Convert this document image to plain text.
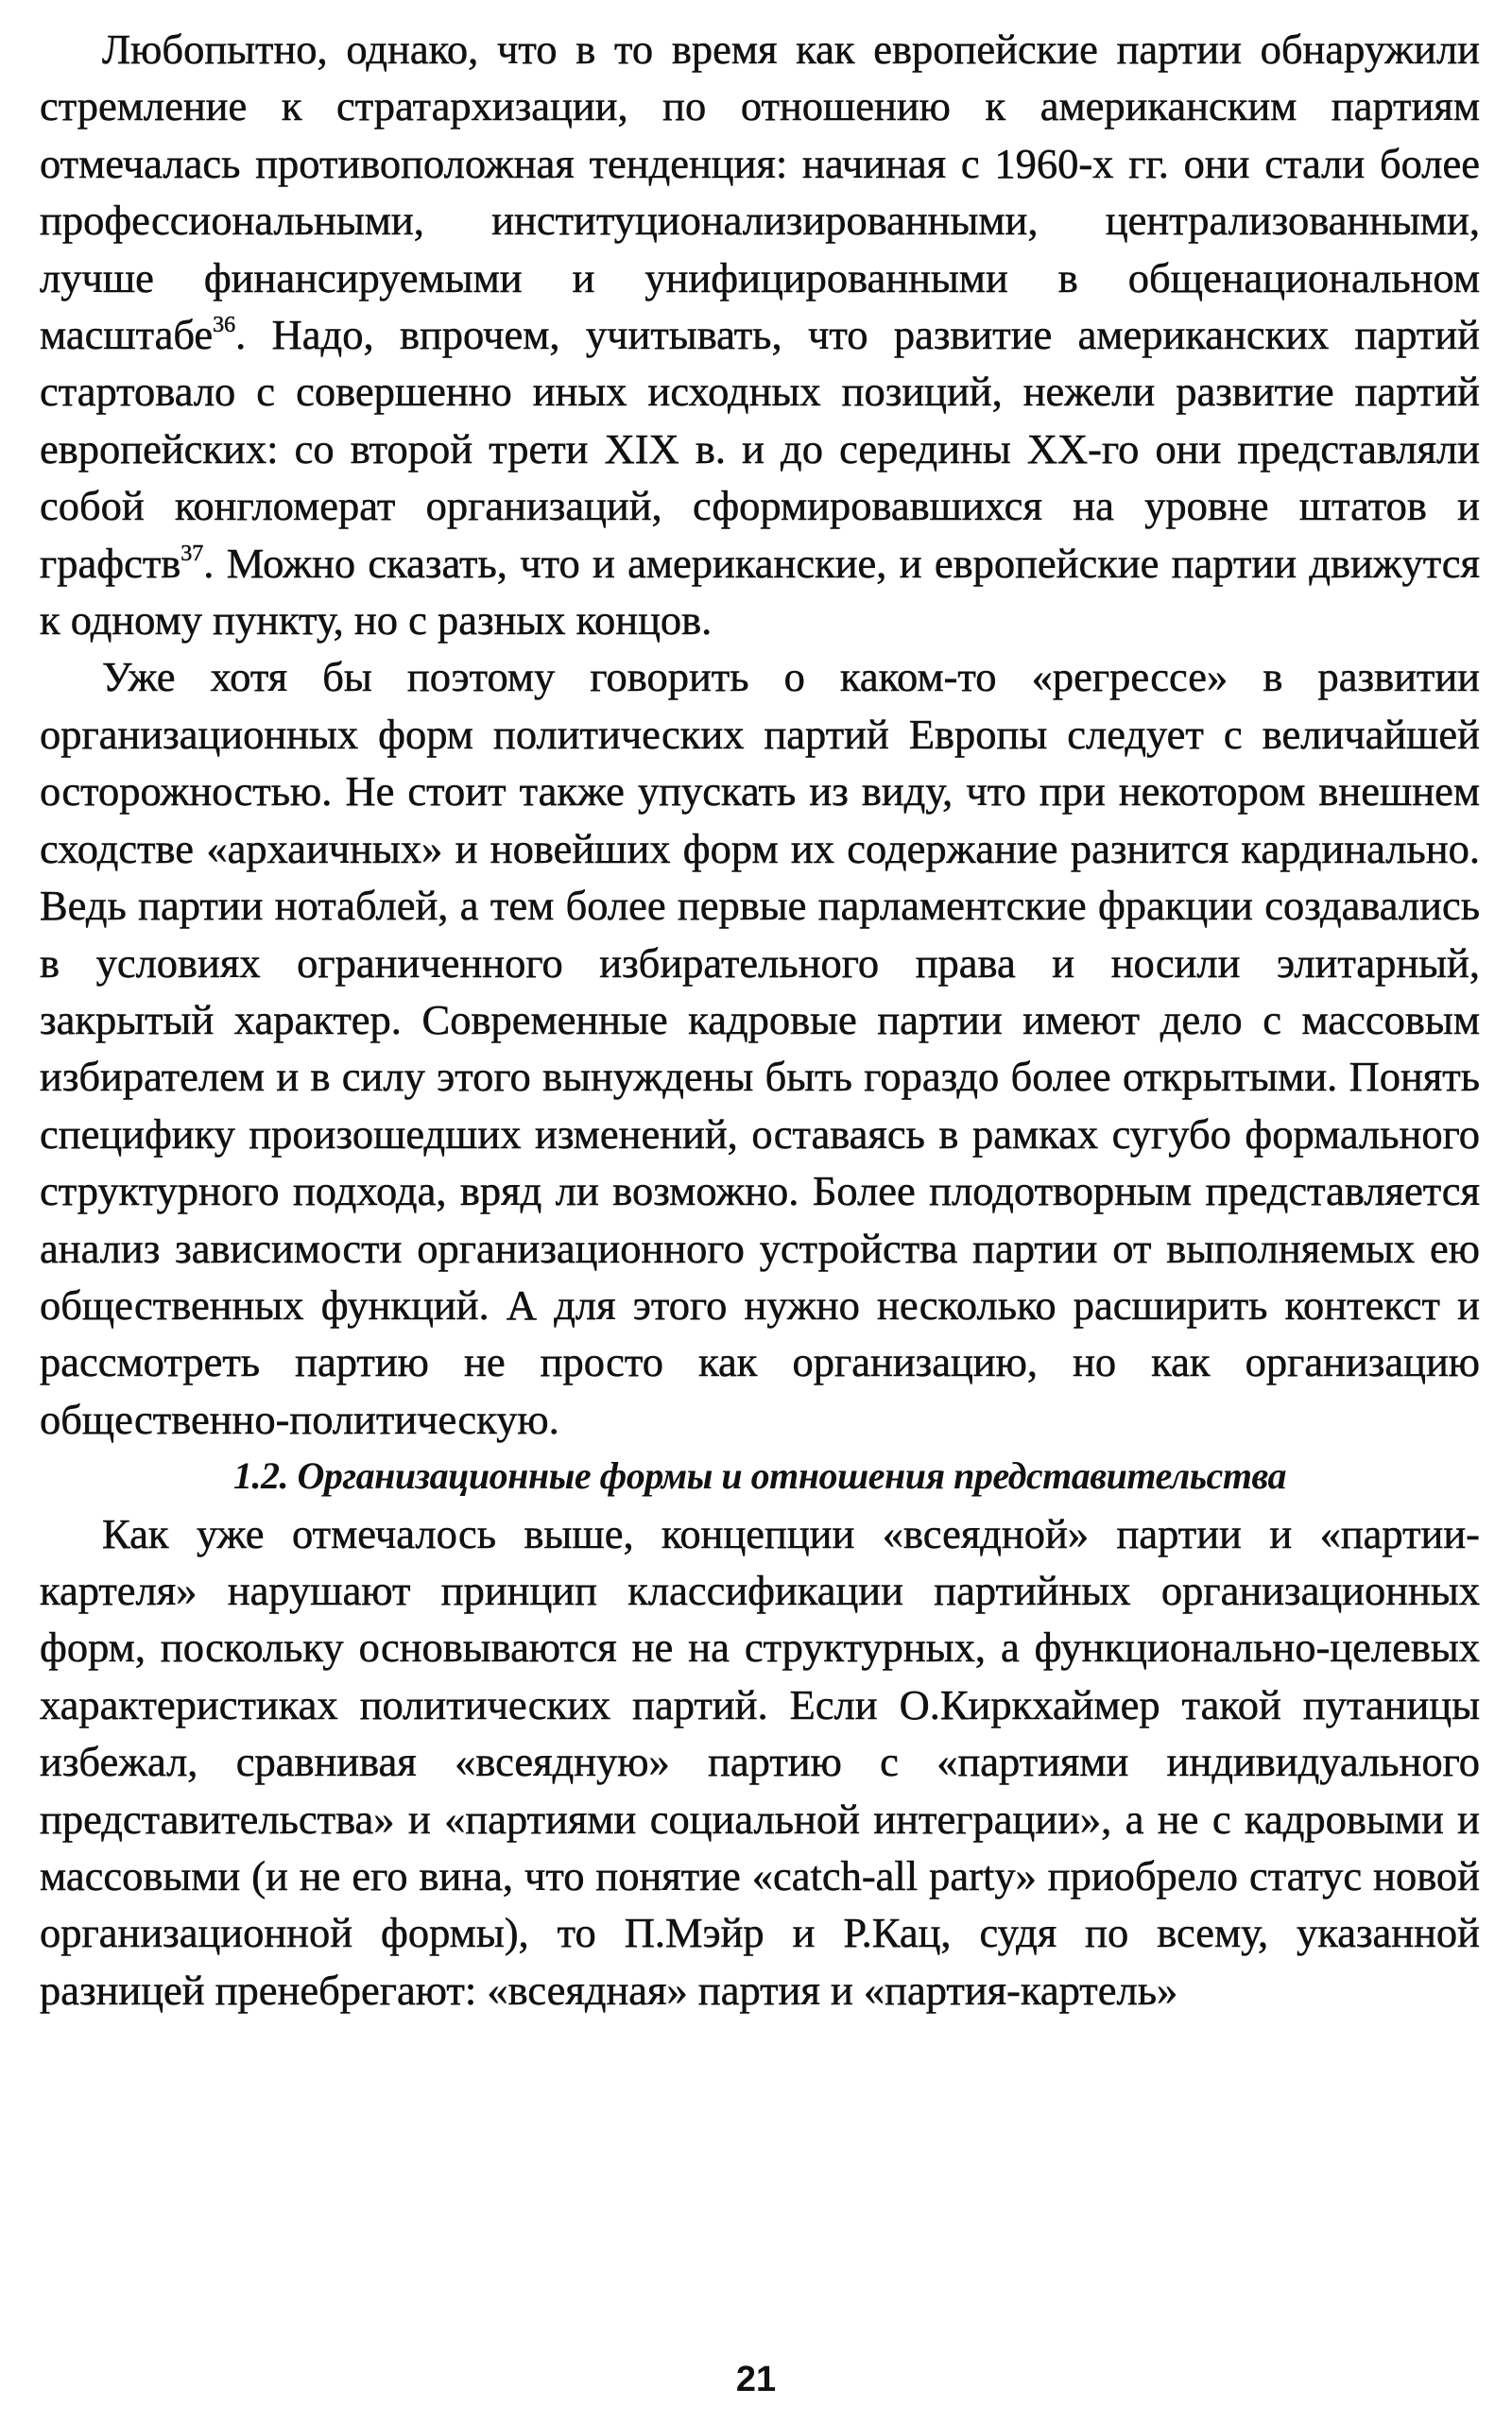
Любопытно, однако, что в то время как европейские партии обнаружили стремление к стратархизации, по отношению к американским партиям отмечалась противоположная тенденция: начиная с 1960-х гг. они стали более профессиональными, институционализированными, централизованными, лучше финансируемыми и унифицированными в общенациональном масштабе$^{36}$. Надо, впрочем, учитывать, что развитие американских партий стартовало с совершенно иных исходных позиций, нежели развитие партий европейских: со второй трети XIX в. и до середины XX-го они представляли собой конгломерат организаций, сформировавшихся на уровне штатов и графств$^{37}$. Можно сказать, что и американские, и европейские партии движутся к одному пункту, но с разных концов.

Уже хотя бы поэтому говорить о каком-то «регрессе» в развитии организационных форм политических партий Европы следует с величайшей осторожностью. Не стоит также упускать из виду, что при некотором внешнем сходстве «архаичных» и новейших форм их содержание разнится кардинально. Ведь партии нотаблей, а тем более первые парламентские фракции создавались в условиях ограниченного избирательного права и носили элитарный, закрытый характер. Современные кадровые партии имеют дело с массовым избирателем и в силу этого вынуждены быть гораздо более открытыми. Понять специфику произошедших изменений, оставаясь в рамках сугубо формального структурного подхода, вряд ли возможно. Более плодотворным представляется анализ зависимости организационного устройства партии от выполняемых ею общественных функций. А для этого нужно несколько расширить контекст и рассмотреть партию не просто как организацию, но как организацию общественно-политическую.

1.2. Организационные формы и отношения представительства

Как уже отмечалось выше, концепции «всеядной» партии и «партии-картеля» нарушают принцип классификации партийных организационных форм, поскольку основываются не на структурных, а функционально-целевых характеристиках политических партий. Если О.Киркхаймер такой путаницы избежал, сравнивая «всеядную» партию с «партиями индивидуального представительства» и «партиями социальной интеграции», а не с кадровыми и массовыми (и не его вина, что понятие «catch-all party» приобрело статус новой организационной формы), то П.Мэйр и Р.Кац, судя по всему, указанной разницей пренебрегают: «всеядная» партия и «партия-картель»

21
